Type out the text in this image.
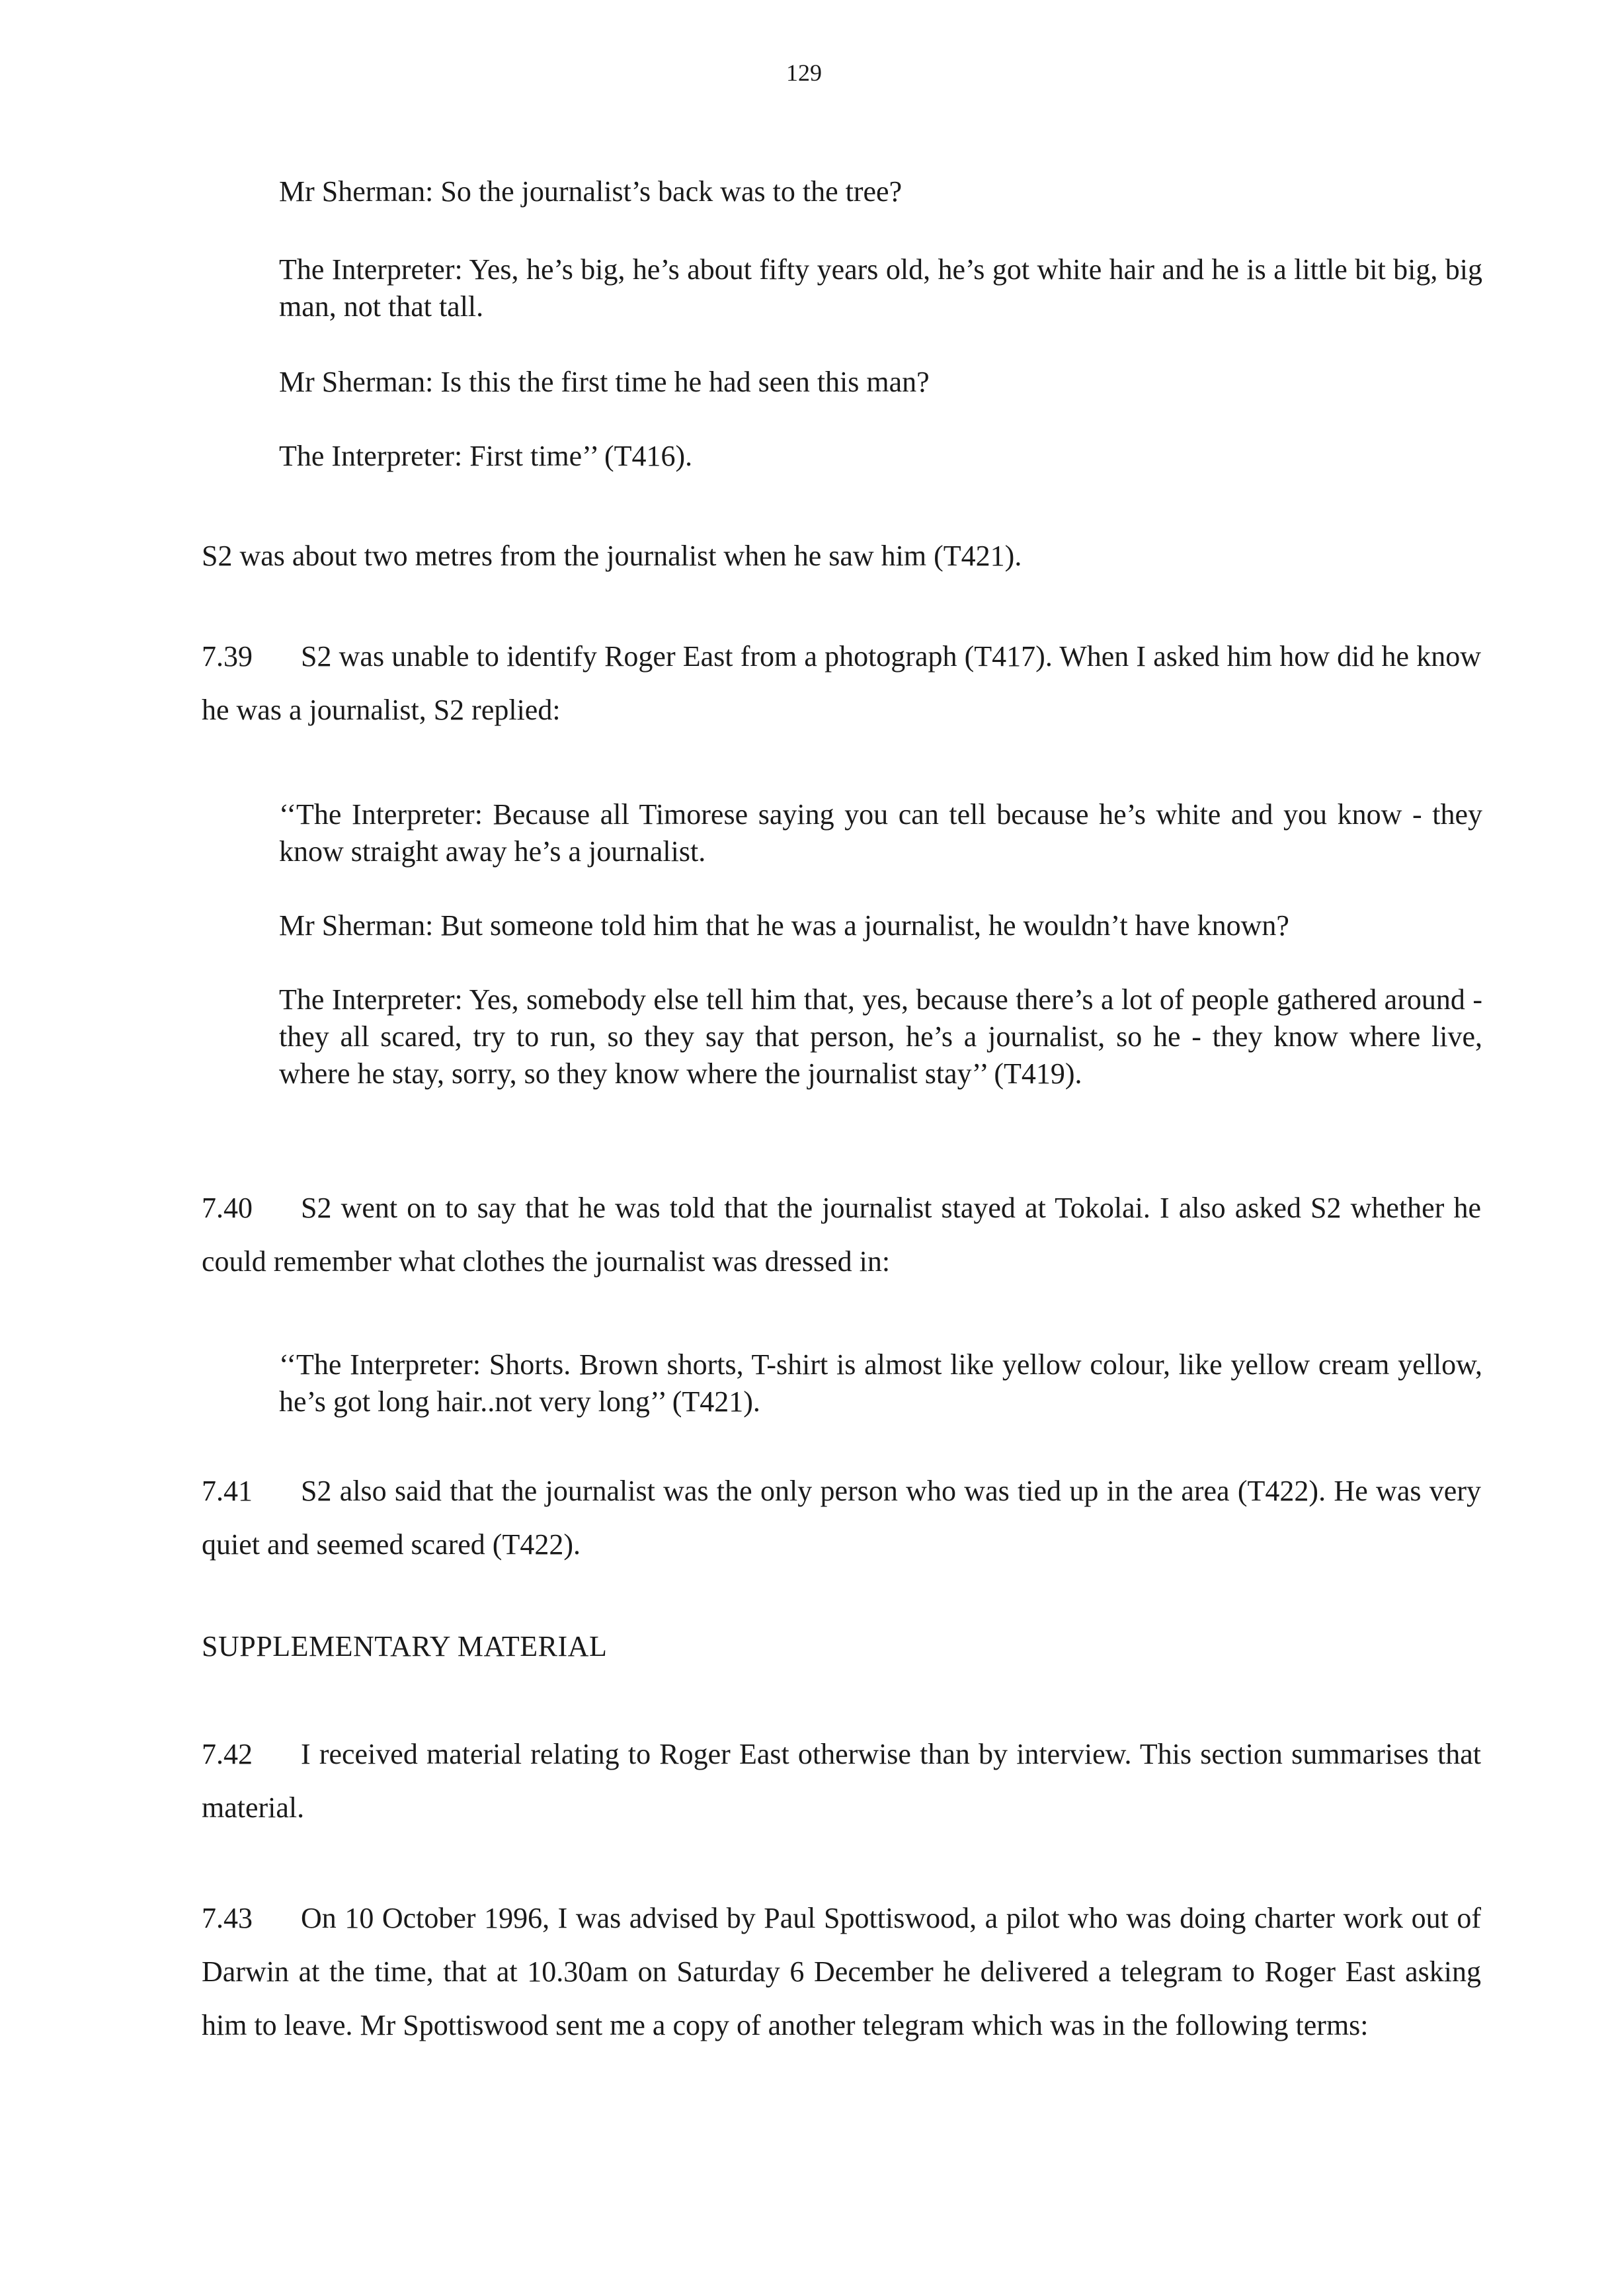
129

Mr Sherman: So the journalist’s back was to the tree?

The Interpreter: Yes, he’s big, he’s about fifty years old, he’s got white hair and he is a little bit big, big man, not that tall.

Mr Sherman: Is this the first time he had seen this man?

The Interpreter: First time’’ (T416).

S2 was about two metres from the journalist when he saw him (T421).

7.39 S2 was unable to identify Roger East from a photograph (T417). When I asked him how did he know he was a journalist, S2 replied:

‘‘The Interpreter: Because all Timorese saying you can tell because he’s white and you know - they know straight away he’s a journalist.

Mr Sherman: But someone told him that he was a journalist, he wouldn’t have known?

The Interpreter: Yes, somebody else tell him that, yes, because there’s a lot of people gathered around - they all scared, try to run, so they say that person, he’s a journalist, so he - they know where live, where he stay, sorry, so they know where the journalist stay’’ (T419).

7.40 S2 went on to say that he was told that the journalist stayed at Tokolai. I also asked S2 whether he could remember what clothes the journalist was dressed in:

‘‘The Interpreter: Shorts. Brown shorts, T-shirt is almost like yellow colour, like yellow cream yellow, he’s got long hair..not very long’’ (T421).

7.41 S2 also said that the journalist was the only person who was tied up in the area (T422). He was very quiet and seemed scared (T422).

SUPPLEMENTARY MATERIAL

7.42 I received material relating to Roger East otherwise than by interview. This section summarises that material.

7.43 On 10 October 1996, I was advised by Paul Spottiswood, a pilot who was doing charter work out of Darwin at the time, that at 10.30am on Saturday 6 December he delivered a telegram to Roger East asking him to leave. Mr Spottiswood sent me a copy of another telegram which was in the following terms:
